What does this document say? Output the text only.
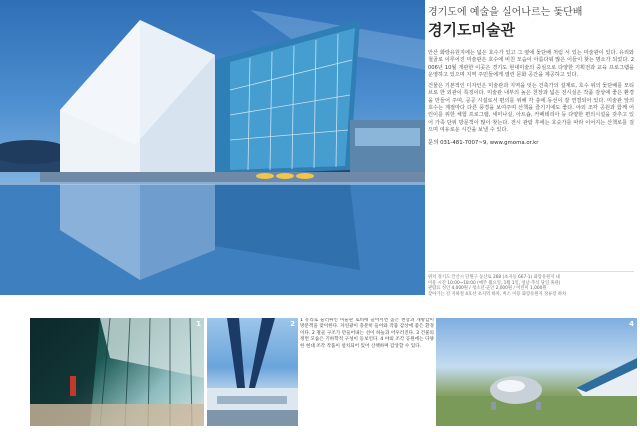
경기도에 예술을 실어나르는 돛단배

경기도미술관

안산 화랑유원지에는 넓은 호수가 있고 그 옆에 돛단배 처럼 서 있는 미술관이 있다. 유리와 철골로 이루어진 미술관은 호수에 비친 모습이 아름다워 많은 이들이 찾는 명소가 되었다. 2006년 10월 개관한 이곳은 경기도 현대미술의 중심으로 다양한 기획전과 교육 프로그램을 운영하고 있으며 지역 주민들에게 열린 문화 공간을 제공하고 있다.

건물은 기본적인 디자인은 미술관과 지역을 잇는 건축가의 설계로, 호수 위의 돛단배를 모티브로 한 외관이 특징이다. 미술관 내부의 높은 천장과 넓은 전시실은 작품 감상에 좋은 환경을 만들어 주며, 공공 시설로서 편의를 위해 각 층에 동선이 잘 연결되어 있다. 미술관 앞의 호수는 계절마다 다른 풍경을 보여주며 산책을 즐기기에도 좋다. 야외 조각 공원과 함께 어린이를 위한 체험 프로그램, 세미나실, 아트숍, 카페테리아 등 다양한 편의시설을 갖추고 있어 가족 단위 방문객이 많이 찾는다. 전시 관람 후에는 호숫가를 따라 이어지는 산책로를 걸으며 여유로운 시간을 보낼 수 있다.

문의 031-481-7007~9, www.gmoma.or.kr

위치 경기도 안산시 단원구 동산로 268 (초지동 667-1) 화랑유원지 내

이용 시간 10:00~18:00 (매주 월요일, 1월 1일, 설날·추석 당일 휴관)

관람료 성인 4,000원 / 청소년·군인 2,000원 / 어린이 1,000원

찾아가는 길 지하철 4호선 초지역 하차, 버스 이용 화랑유원지 정류장 하차

1	2 1 유리로 둘러싸인 미술관 로비에 들어서면 높은 천장과 개방감이 방문객을 맞이한다. 자연광이 충분히 들어와 작품 감상에 좋은 환경이다. 2 철골 구조가 만들어내는 선이 하늘과 어우러진다. 3 건물의 정면 모습은 기하학적 구성이 돋보인다. 4 야외 조각 공원에는 다양한 현대 조각 작품이 설치되어 있어 산책하며 감상할 수 있다.

4
